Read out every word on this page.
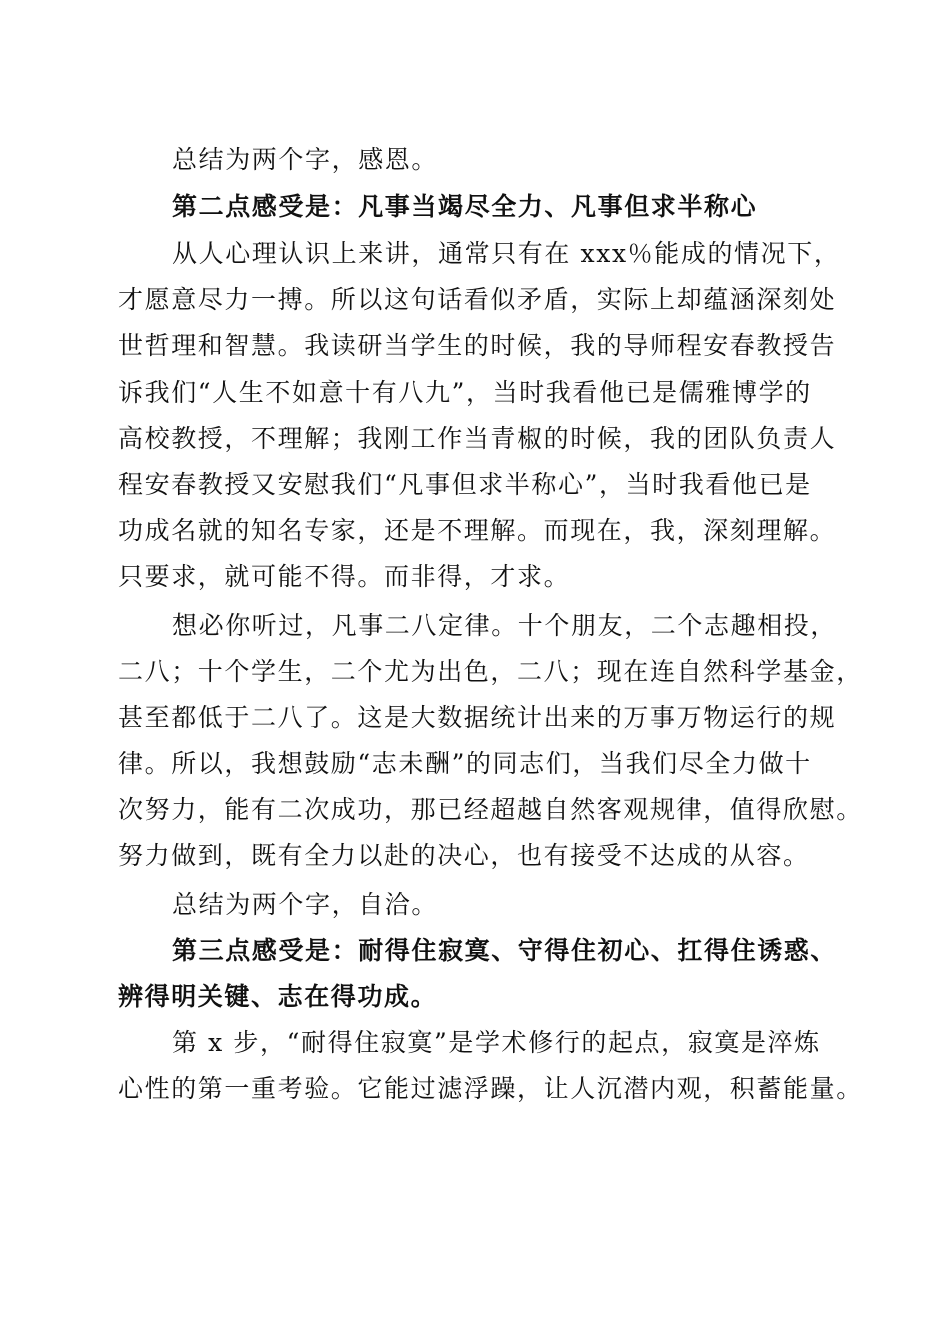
总结为两个字，感恩。
第二点感受是：凡事当竭尽全力、凡事但求半称心
从人心理认识上来讲，通常只有在 xxx％能成的情况下，
才愿意尽力一搏。所以这句话看似矛盾，实际上却蕴涵深刻处
世哲理和智慧。我读研当学生的时候，我的导师程安春教授告
诉我们“人生不如意十有八九”，当时我看他已是儒雅博学的
高校教授，不理解；我刚工作当青椒的时候，我的团队负责人
程安春教授又安慰我们“凡事但求半称心”，当时我看他已是
功成名就的知名专家，还是不理解。而现在，我，深刻理解。
只要求，就可能不得。而非得，才求。
想必你听过，凡事二八定律。十个朋友，二个志趣相投，
二八；十个学生，二个尤为出色，二八；现在连自然科学基金，
甚至都低于二八了。这是大数据统计出来的万事万物运行的规
律。所以，我想鼓励“志未酬”的同志们，当我们尽全力做十
次努力，能有二次成功，那已经超越自然客观规律，值得欣慰。
努力做到，既有全力以赴的决心，也有接受不达成的从容。
总结为两个字，自洽。
第三点感受是：耐得住寂寞、守得住初心、扛得住诱惑、
辨得明关键、志在得功成。
第 x 步，“耐得住寂寞”是学术修行的起点，寂寞是淬炼
心性的第一重考验。它能过滤浮躁，让人沉潜内观，积蓄能量。
